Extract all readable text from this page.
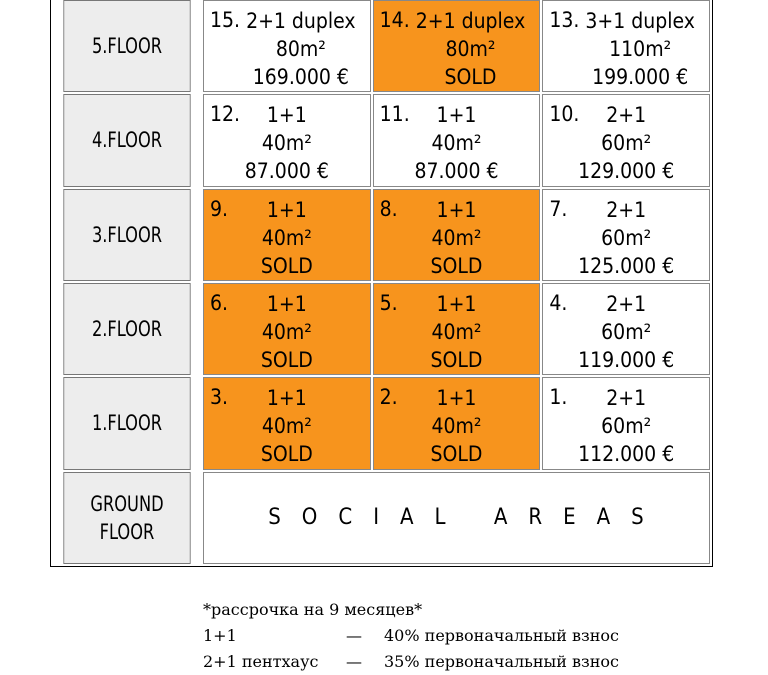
5.FLOOR
15. 2+1 duplex
80m²
169.000 €
14. 2+1 duplex
80m²
SOLD
13. 3+1 duplex
110m²
199.000 €
4.FLOOR
12.	1+1
40m²
87.000 €
11.	1+1
40m²
87.000 €
10.	2+1
60m²
129.000 €
3.FLOOR
9.	1+1
40m²
SOLD
8.	1+1
40m²
SOLD
7.	2+1
60m²
125.000 €
2.FLOOR
6.	1+1
40m²
SOLD
5.	1+1
40m²
SOLD
4.	2+1
60m²
119.000 €
1.FLOOR
3.	1+1
40m²
SOLD
2.	1+1
40m²
SOLD
1.	2+1
60m²
112.000 €
GROUND
FLOOR
SOCIAL AREAS
*рассрочка на 9 месяцев*
1+1	—	40% первоначальный взнос
2+1 пентхаус	—	35% первоначальный взнос
